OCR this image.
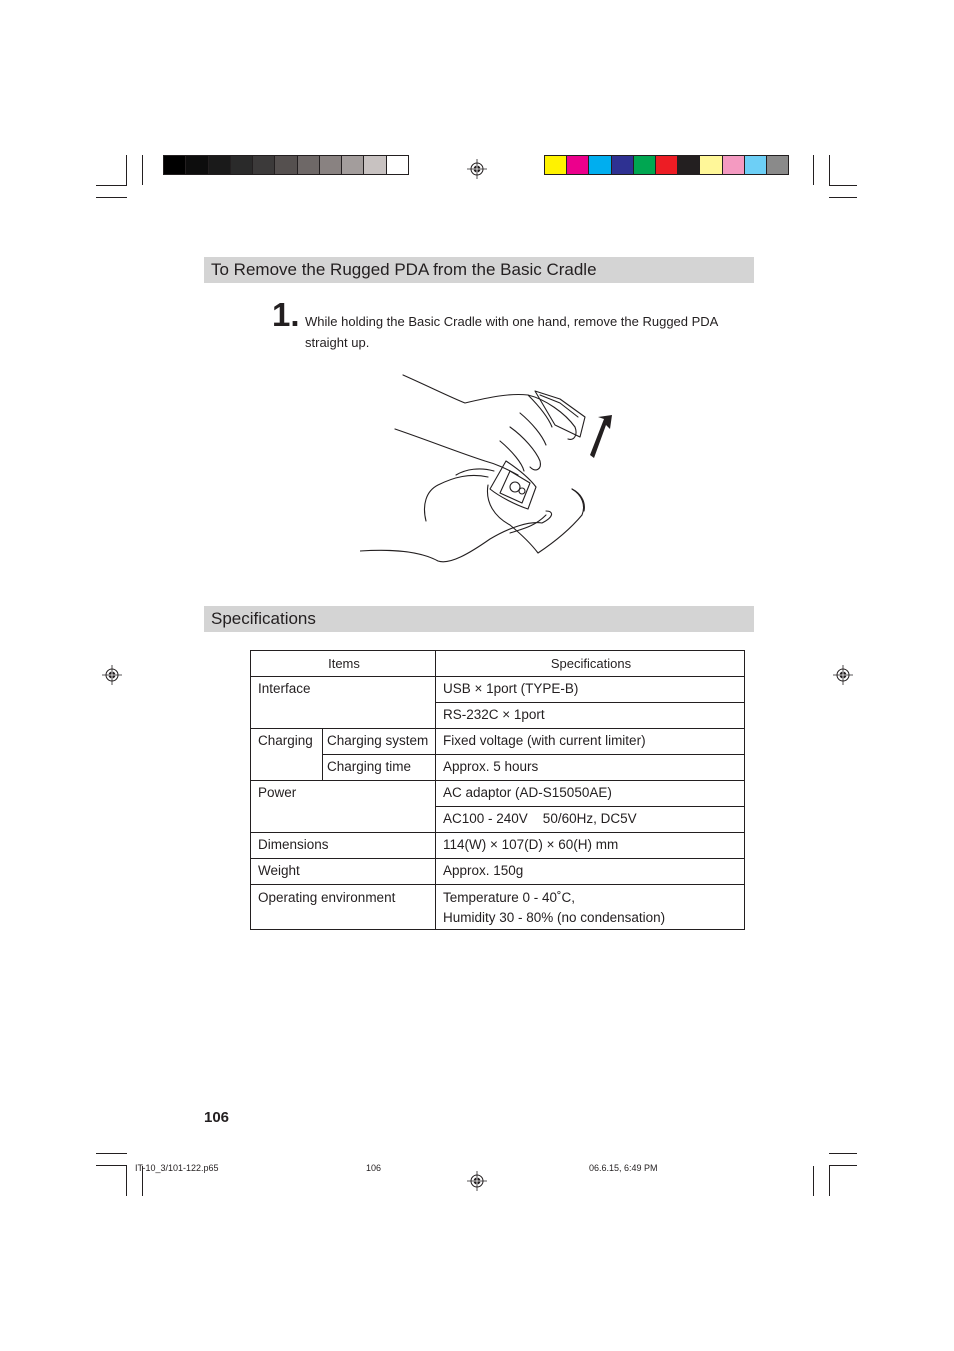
To Remove the Rugged PDA from the Basic Cradle
1. While holding the Basic Cradle with one hand, remove the Rugged PDA straight up.
Specifications
Items		Specifications
Interface		USB × 1port (TYPE-B)
		RS-232C × 1port
Charging	Charging system	Fixed voltage (with current limiter)
	Charging time	Approx. 5 hours
Power		AC adaptor (AD-S15050AE)
		AC100 - 240V    50/60Hz, DC5V
Dimensions		114(W) × 107(D) × 60(H) mm
Weight		Approx. 150g
Operating environment		Temperature 0 - 40˚C,
Humidity 30 - 80% (no condensation)
106
IT-10_3/101-122.p65	106	06.6.15, 6:49 PM
